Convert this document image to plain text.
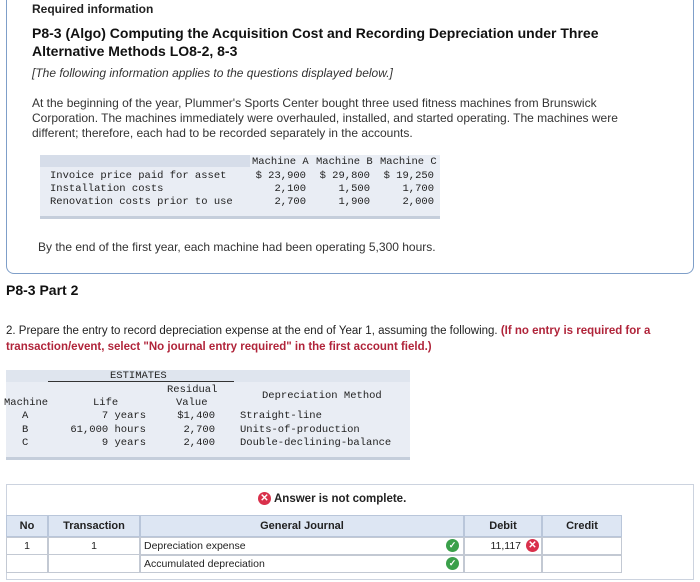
Required information
P8-3 (Algo) Computing the Acquisition Cost and Recording Depreciation under Three Alternative Methods LO8-2, 8-3
[The following information applies to the questions displayed below.]
At the beginning of the year, Plummer's Sports Center bought three used fitness machines from Brunswick Corporation. The machines immediately were overhauled, installed, and started operating. The machines were different; therefore, each had to be recorded separately in the accounts.
Machine A Machine B Machine C
Invoice price paid for asset	$ 23,900	$ 29,800	$ 19,250
Installation costs	2,100	1,500	1,700
Renovation costs prior to use	2,700	1,900	2,000
By the end of the first year, each machine had been operating 5,300 hours.
P8-3 Part 2
2. Prepare the entry to record depreciation expense at the end of Year 1, assuming the following. (If no entry is required for a transaction/event, select "No journal entry required" in the first account field.)
ESTIMATES
Residual
Value
Machine	Life
Depreciation Method
A	7 years	$1,400 Straight-line
B	61,000 hours	2,700 Units-of-production
C	9 years	2,400 Double-declining-balance
✕ Answer is not complete.
No	Transaction	General Journal	Debit	Credit
1	1	Depreciation expense	✓	11,117 ✕
Accumulated depreciation	✓
